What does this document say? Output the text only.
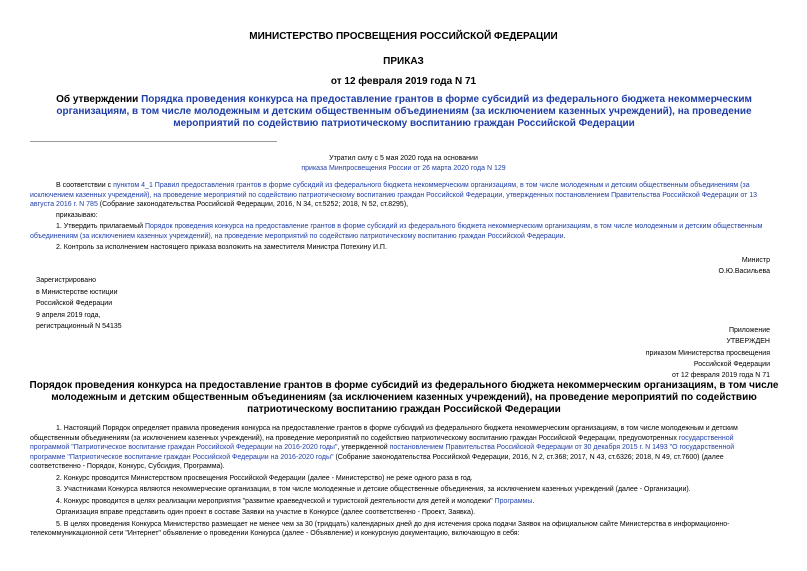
МИНИСТЕРСТВО ПРОСВЕЩЕНИЯ РОССИЙСКОЙ ФЕДЕРАЦИИ
ПРИКАЗ
от 12 февраля 2019 года N 71
Об утверждении Порядка проведения конкурса на предоставление грантов в форме субсидий из федерального бюджета некоммерческим организациям, в том числе молодежным и детским общественным объединениям (за исключением казенных учреждений), на проведение мероприятий по содействию патриотическому воспитанию граждан Российской Федерации
Утратил силу с 5 мая 2020 года на основании
приказа Минпросвещения России от 26 марта 2020 года N 129
В соответствии с пунктом 4_1 Правил предоставления грантов в форме субсидий из федерального бюджета некоммерческим организациям, в том числе молодежным и детским общественным объединениям (за исключением казенных учреждений), на проведение мероприятий по содействию патриотическому воспитанию граждан Российской Федерации, утвержденных постановлением Правительства Российской Федерации от 13 августа 2016 г. N 785 (Собрание законодательства Российской Федерации, 2016, N 34, ст.5252; 2018, N 52, ст.8295),
приказываю:
1. Утвердить прилагаемый Порядок проведения конкурса на предоставление грантов в форме субсидий из федерального бюджета некоммерческим организациям, в том числе молодежным и детским общественным объединениям (за исключением казенных учреждений), на проведение мероприятий по содействию патриотическому воспитанию граждан Российской Федерации.
2. Контроль за исполнением настоящего приказа возложить на заместителя Министра Потехину И.П.
Министр
О.Ю.Васильева
Зарегистрировано
в Министерстве юстиции
Российской Федерации
9 апреля 2019 года,
регистрационный N 54135
Приложение
УТВЕРЖДЕН
приказом Министерства просвещения
Российской Федерации
от 12 февраля 2019 года N 71
Порядок проведения конкурса на предоставление грантов в форме субсидий из федерального бюджета некоммерческим организациям, в том числе молодежным и детским общественным объединениям (за исключением казенных учреждений), на проведение мероприятий по содействию патриотическому воспитанию граждан Российской Федерации
1. Настоящий Порядок определяет правила проведения конкурса на предоставление грантов в форме субсидий из федерального бюджета некоммерческим организациям, в том числе молодежным и детским общественным объединениям (за исключением казенных учреждений), на проведение мероприятий по содействию патриотическому воспитанию граждан Российской Федерации, предусмотренных государственной программой "Патриотическое воспитание граждан Российской Федерации на 2016-2020 годы", утвержденной постановлением Правительства Российской Федерации от 30 декабря 2015 г. N 1493 "О государственной программе "Патриотическое воспитание граждан Российской Федерации на 2016-2020 годы" (Собрание законодательства Российской Федерации, 2016, N 2, ст.368; 2017, N 43, ст.6326; 2018, N 49, ст.7600) (далее соответственно - Порядок, Конкурс, Субсидия, Программа).
2. Конкурс проводится Министерством просвещения Российской Федерации (далее - Министерство) не реже одного раза в год.
3. Участниками Конкурса являются некоммерческие организации, в том числе молодежные и детские общественные объединения, за исключением казенных учреждений (далее - Организации).
4. Конкурс проводится в целях реализации мероприятия "развитие краеведческой и туристской деятельности для детей и молодежи" Программы.
Организация вправе представить один проект в составе Заявки на участие в Конкурсе (далее соответственно - Проект, Заявка).
5. В целях проведения Конкурса Министерство размещает не менее чем за 30 (тридцать) календарных дней до дня истечения срока подачи Заявок на официальном сайте Министерства в информационно-телекоммуникационной сети "Интернет" объявление о проведении Конкурса (далее - Объявление) и конкурсную документацию, включающую в себя:
